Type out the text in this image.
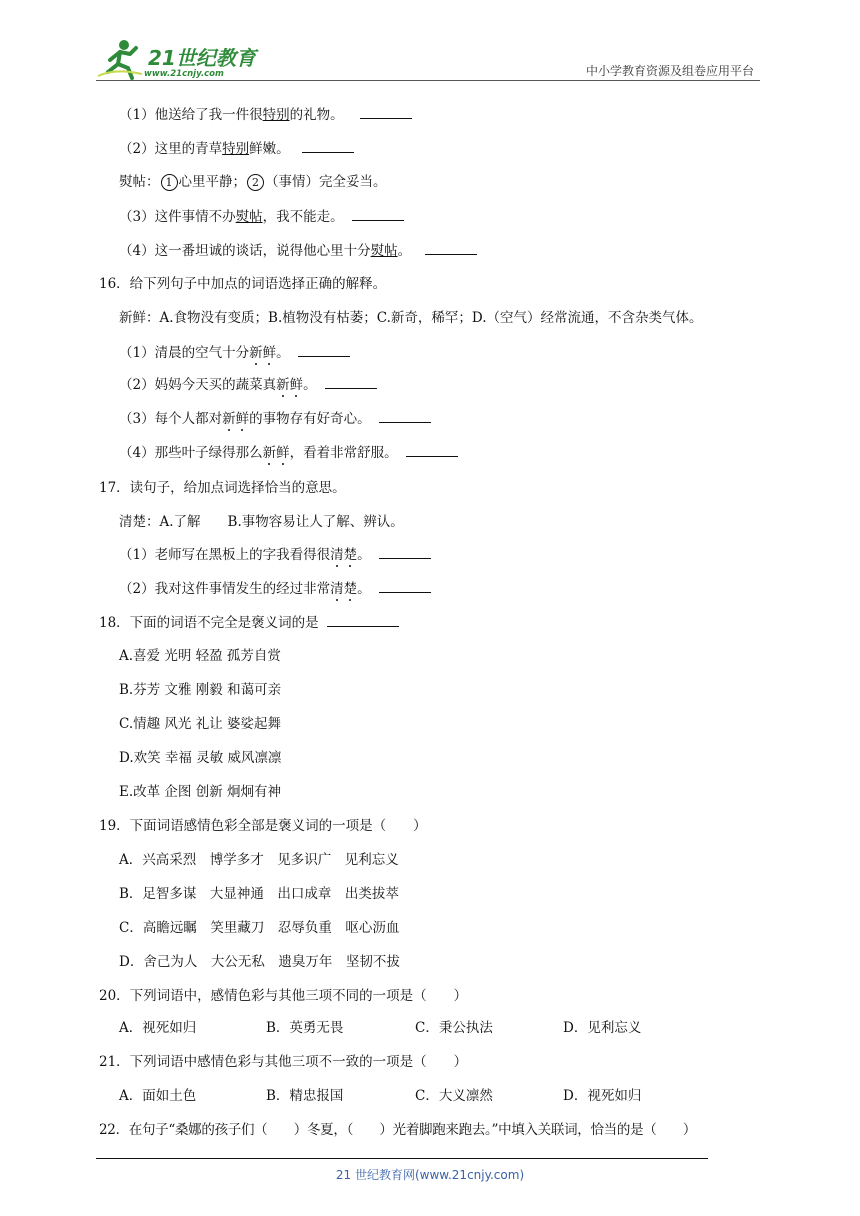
21世纪教育
www.21cnjy.com	中小学教育资源及组卷应用平台
（1）他送给了我一件很特别的礼物。
（2）这里的青草特别鲜嫩。
熨帖： 1 心里平静； 2 （事情）完全妥当。
（3）这件事情不办熨帖，我不能走。
（4）这一番坦诚的谈话，说得他心里十分熨帖。
16．给下列句子中加点的词语选择正确的解释。
新鲜：A.食物没有变质；B.植物没有枯萎；C.新奇，稀罕；D.（空气）经常流通，不含杂类气体。
（1）清晨的空气十分新鲜。
（2）妈妈今天买的蔬菜真新鲜。
（3）每个人都对新鲜的事物存有好奇心。
（4）那些叶子绿得那么新鲜，看着非常舒服。
17．读句子，给加点词选择恰当的意思。
清楚：A.了解　　B.事物容易让人了解、辨认。
（1）老师写在黑板上的字我看得很清楚。
（2）我对这件事情发生的经过非常清楚。
18．下面的词语不完全是褒义词的是
A.喜爱 光明 轻盈 孤芳自赏
B.芬芳 文雅 刚毅 和蔼可亲
C.情趣 风光 礼让 婆娑起舞
D.欢笑 幸福 灵敏 威风凛凛
E.改革 企图 创新 炯炯有神
19．下面词语感情色彩全部是褒义词的一项是（　　）
A．兴高采烈　博学多才　见多识广　见利忘义
B．足智多谋　大显神通　出口成章　出类拔萃
C．高瞻远瞩　笑里藏刀　忍辱负重　呕心沥血
D．舍己为人　大公无私　遗臭万年　坚韧不拔
20．下列词语中，感情色彩与其他三项不同的一项是（　　）
A．视死如归	B．英勇无畏	C．秉公执法	D．见利忘义
21．下列词语中感情色彩与其他三项不一致的一项是（　　）
A．面如土色	B．精忠报国	C．大义凛然	D．视死如归
22．在句子“桑娜的孩子们（　　）冬夏，（　　）光着脚跑来跑去。”中填入关联词，恰当的是（　　）
21 世纪教育网(www.21cnjy.com)
